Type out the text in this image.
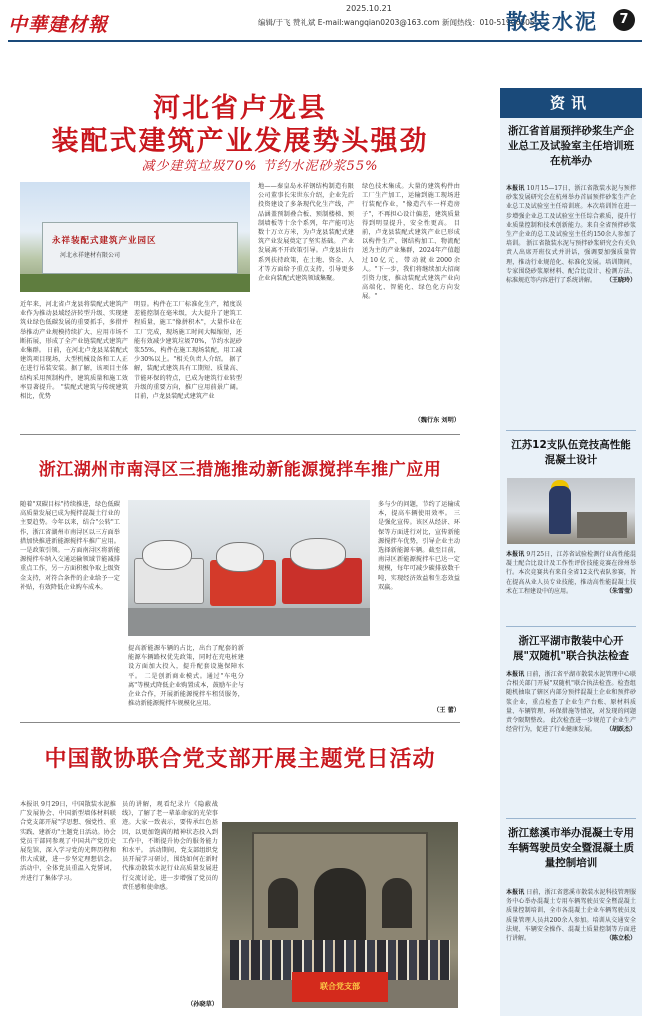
中華建材報
2025.10.21
编辑/于飞 赞礼斌 E-mail:wangqian0203@163.com 新闻热线：010-51906505
散装水泥	7
河北省卢龙县
装配式建筑产业发展势头强劲
减少建筑垃圾70% 节约水泥砂浆55%
永祥装配式建筑产业园区
河北永祥建材有限公司
近年来，河北省卢龙县将装配式建筑产业作为推动县域经济转型升级、实现建筑业绿色低碳发展的重要抓手，多措并举推动产业规模持续扩大、应用市场不断拓展，形成了全产业链装配式建筑产业集群。 日前，在河北卢龙县某装配式建筑项目现场，大型机械设备和工人正在进行吊装安装。据了解，该项目主体结构采用预制构件，建筑质量和施工效率显著提升。 "装配式建筑与传统建筑相比，优势
明显。构件在工厂标准化生产，精度误差能控制在毫米级，大大提升了建筑工程质量，施工"像拼积木"，大量作业在工厂完成，现场施工时间大幅缩短，还能有效减少建筑垃圾70%，节约水泥砂浆55%，构件在施工现场装配，用工减少30%以上。"相关负责人介绍。 据了解，装配式建筑具有工期短、质量高、节能环保的特点，已成为建筑行业转型升级的重要方向，推广应用前景广阔。 目前，卢龙县装配式建筑产业
地——秦皇岛永祥钢结构制造有限公司董事长宋世东介绍，企业先后投资建设了多条现代化生产线，产品涵盖预制叠合板、预制楼梯、预制墙板等十余个系列，年产能可达数十万立方米，为卢龙县装配式建筑产业发展奠定了坚实基础。 产业发展离不开政策引导。卢龙县出台系列扶持政策，在土地、资金、人才等方面给予重点支持，引导更多企业向装配式建筑领域集聚。
绿色技术集成。大量的建筑构件由工厂生产加工，运输到施工现场进行装配作业，"像造汽车一样造房子"，不再担心设计偏差，建筑质量得到明显提升，安全性更高。 目前，卢龙县装配式建筑产业已形成以构件生产、钢结构加工、物流配送为主的产业集群，2024年产值超过10亿元，带动就业2000余人。"下一步，我们将继续加大招商引资力度，推动装配式建筑产业向高端化、智能化、绿色化方向发展。"
（魏行东 刘明）
浙江湖州市南浔区三措施推动新能源搅拌车推广应用
随着"双碳目标"持续推进，绿色低碳高质量发展已成为搅拌混凝土行业的主要趋势。今年以来，结合"公转"工作，浙江省湖州市南浔区以三方面举措加快推进新能源搅拌车推广应用。 一是政策引领。一方面南浔区将新能源搅拌车纳入交通运输领域节能减排重点工作，另一方面积极争取上级资金支持，对符合条件的企业给予一定补贴，有效降低企业购车成本。
提高新能源车辆的占比，出台了配套的新能源车辆路权优先政策，同时在充电桩建设方面加大投入，提升配套设施保障水平。 二是创新商业模式。通过"车电分离"等模式降低企业购置成本，鼓励车企与企业合作，开展新能源搅拌车租赁服务，推动新能源搅拌车规模化应用。
多与少的问题，节约了运输成本，提高车辆使用效率。 三是强化宣传。该区从经济、环保等方面进行对比，宣传新能源搅拌车优势，引导企业主动选择新能源车辆。截至目前，南浔区新能源搅拌车已达一定规模，每年可减少碳排放数千吨，实现经济效益和生态效益双赢。
（王 蕾）
中国散协联合党支部开展主题党日活动
本报讯 9月29日，中国散装水泥推广发展协会、中国新型墙体材料联合党支部开展"学思想、强党性、重实践、建新功"主题党日活动。协会党员干部同参观了中国共产党历史展览馆，深入学习党的光辉历程和伟大成就，进一步坚定理想信念。 活动中，全体党员重温入党誓词，并进行了集体学习。
员的讲解，观看纪录片《隐蔽战线》，了解了老一辈革命家的光荣事迹。大家一致表示，要传承红色基因，以更加饱满的精神状态投入到工作中，不断提升协会的服务能力和水平。 活动期间，党支部组织党员开展学习研讨，围绕如何在新时代推动散装水泥行业高质量发展进行交流讨论，进一步增强了党员的责任感和使命感。
（孙晓草）
联合党支部
资讯
浙江省首届预拌砂浆生产企业总工及试验室主任培训班在杭举办
本报讯 10月15—17日，浙江省散装水泥与预拌砂浆发展研究会在杭州举办首届预拌砂浆生产企业总工及试验室主任培训班。本次培训旨在进一步增强企业总工及试验室主任综合素质，提升行业质量控制和技术创新能力。来自全省预拌砂浆生产企业的总工及试验室主任约150余人参加了培训。 浙江省散装水泥与预拌砂浆研究会有关负责人出席开班仪式并讲话，强调要加强质量管理，推动行业规范化、标准化发展。培训期间，专家围绕砂浆原材料、配合比设计、检测方法、标准规范等内容进行了系统讲解。 （王晓玲）
江苏12支队伍竞技高性能混凝土设计
本报讯 9月25日，江苏省试验检测行业高性能混凝土配合比设计及工作性评价技能竞赛在徐州举行。本次竞赛共有来自全省12支代表队参赛，旨在提高从业人员专业技能，推动高性能混凝土技术在工程建设中的应用。	（朱雪莹）
浙江平湖市散装中心开展"双随机"联合执法检查
本报讯 日前，浙江省平湖市散装水泥管理中心联合相关部门开展"双随机"联合执法检查。检查组随机抽取了辖区内部分预拌混凝土企业和预拌砂浆企业，重点检查了企业生产台账、原材料质量、车辆管理、环保措施等情况，对发现的问题责令限期整改。 此次检查进一步规范了企业生产经营行为，促进了行业健康发展。 （胡跃杰）
浙江慈溪市举办混凝土专用车辆驾驶员安全暨混凝土质量控制培训
本报讯 日前，浙江省慈溪市散装水泥科技管理服务中心举办混凝土专用车辆驾驶员安全暨混凝土质量控制培训，全市各混凝土企业车辆驾驶员及质量管理人员共200余人参加。培训从交通安全法规、车辆安全操作、混凝土质量控制等方面进行讲解。	（陈立松）
